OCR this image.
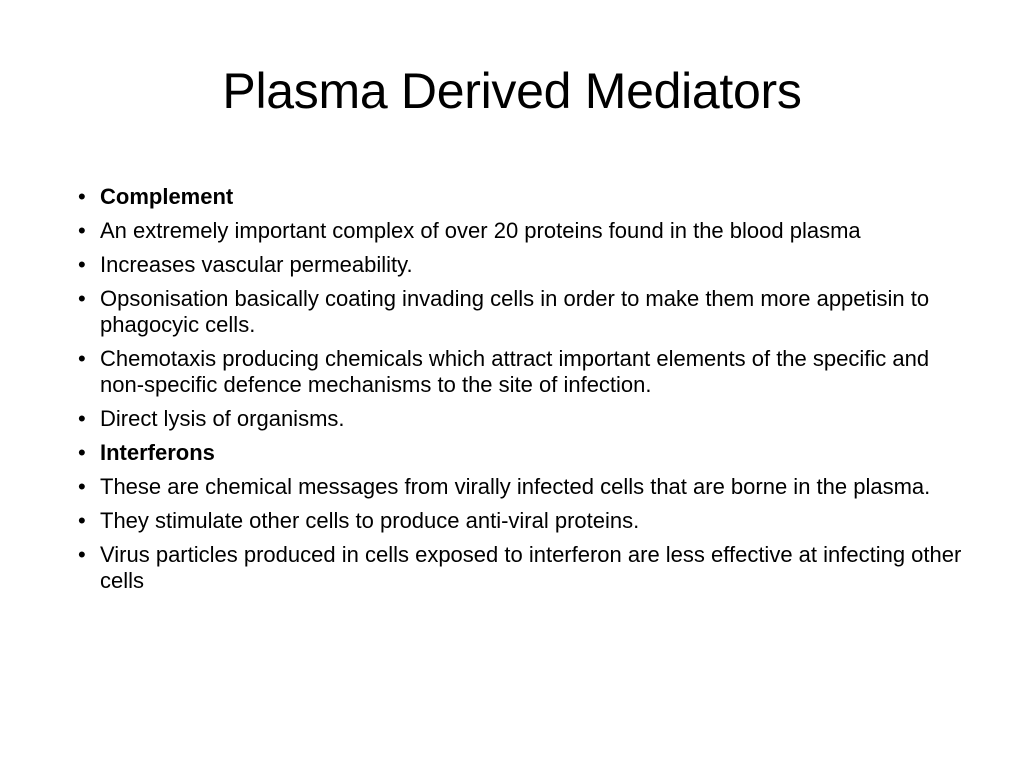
Plasma Derived Mediators
• Complement
• An extremely important complex of over 20 proteins found in the blood plasma
• Increases vascular permeability.
• Opsonisation basically coating invading cells in order to make them more appetisin to phagocyic cells.
• Chemotaxis producing chemicals which attract important elements of the specific and non-specific defence mechanisms to the site of infection.
• Direct lysis of organisms.
• Interferons
• These are chemical messages from virally infected cells that are borne in the plasma.
• They stimulate other cells to produce anti-viral proteins.
• Virus particles produced in cells exposed to interferon are less effective at infecting other cells
